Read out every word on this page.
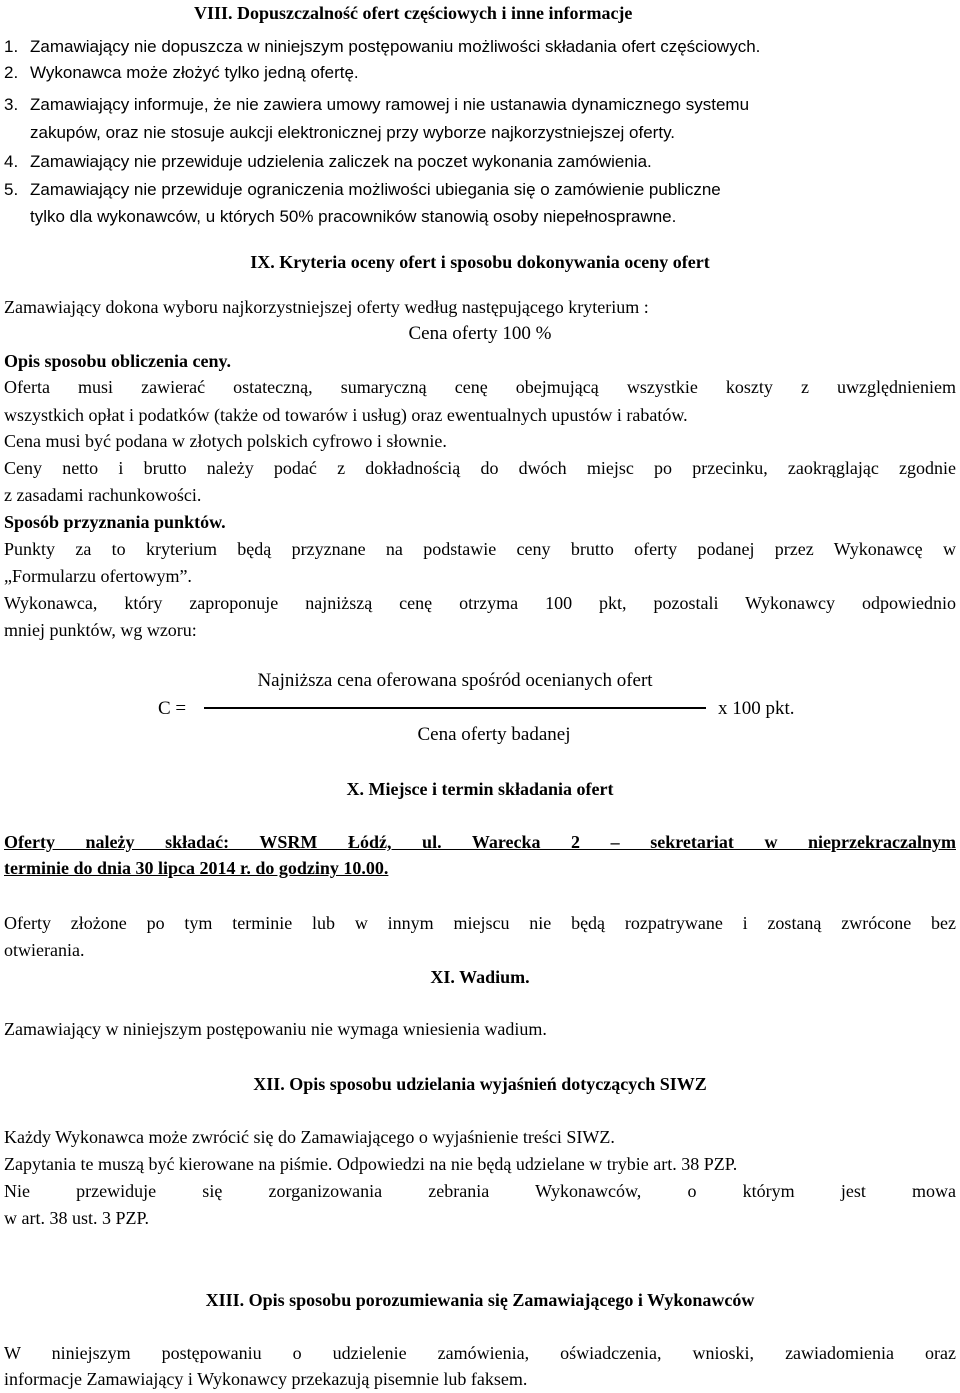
VIII. Dopuszczalność ofert częściowych i inne informacje
1. Zamawiający nie dopuszcza w niniejszym postępowaniu możliwości składania ofert częściowych.
2. Wykonawca może złożyć tylko jedną ofertę.
3. Zamawiający informuje, że nie zawiera umowy ramowej i nie ustanawia dynamicznego systemu
zakupów, oraz nie stosuje aukcji elektronicznej przy wyborze najkorzystniejszej oferty.
4. Zamawiający nie przewiduje udzielenia zaliczek na poczet wykonania zamówienia.
5. Zamawiający nie przewiduje ograniczenia możliwości ubiegania się o zamówienie publiczne
tylko dla wykonawców, u których 50% pracowników stanowią osoby niepełnosprawne.
IX. Kryteria oceny ofert i sposobu dokonywania oceny ofert
Zamawiający dokona wyboru najkorzystniejszej oferty według następującego kryterium :
Cena oferty 100 %
Opis sposobu obliczenia ceny.
Oferta musi zawierać ostateczną, sumaryczną cenę obejmującą wszystkie koszty z uwzględnieniem
wszystkich opłat i podatków (także od towarów i usług) oraz ewentualnych upustów i rabatów.
Cena musi być podana w złotych polskich cyfrowo i słownie.
Ceny netto i brutto należy podać z dokładnością do dwóch miejsc po przecinku, zaokrąglając zgodnie
z zasadami rachunkowości.
Sposób przyznania punktów.
Punkty za to kryterium będą przyznane na podstawie ceny brutto oferty podanej przez Wykonawcę w
„Formularzu ofertowym”.
Wykonawca, który zaproponuje najniższą cenę otrzyma 100 pkt, pozostali Wykonawcy odpowiednio
mniej punktów, wg wzoru:
Najniższa cena oferowana spośród ocenianych ofert
C =	x 100 pkt.
Cena oferty badanej
X. Miejsce i termin składania ofert
Oferty należy składać: WSRM Łódź, ul. Warecka 2 – sekretariat w nieprzekraczalnym
terminie do dnia 30 lipca 2014 r. do godziny 10.00.
Oferty złożone po tym terminie lub w innym miejscu nie będą rozpatrywane i zostaną zwrócone bez
otwierania.
XI. Wadium.
Zamawiający w niniejszym postępowaniu nie wymaga wniesienia wadium.
XII. Opis sposobu udzielania wyjaśnień dotyczących SIWZ
Każdy Wykonawca może zwrócić się do Zamawiającego o wyjaśnienie treści SIWZ.
Zapytania te muszą być kierowane na piśmie. Odpowiedzi na nie będą udzielane w trybie art. 38 PZP.
Nie przewiduje się zorganizowania zebrania Wykonawców, o którym jest mowa
w art. 38 ust. 3 PZP.
XIII. Opis sposobu porozumiewania się Zamawiającego i Wykonawców
W niniejszym postępowaniu o udzielenie zamówienia, oświadczenia, wnioski, zawiadomienia oraz
informacje Zamawiający i Wykonawcy przekazują pisemnie lub faksem.
